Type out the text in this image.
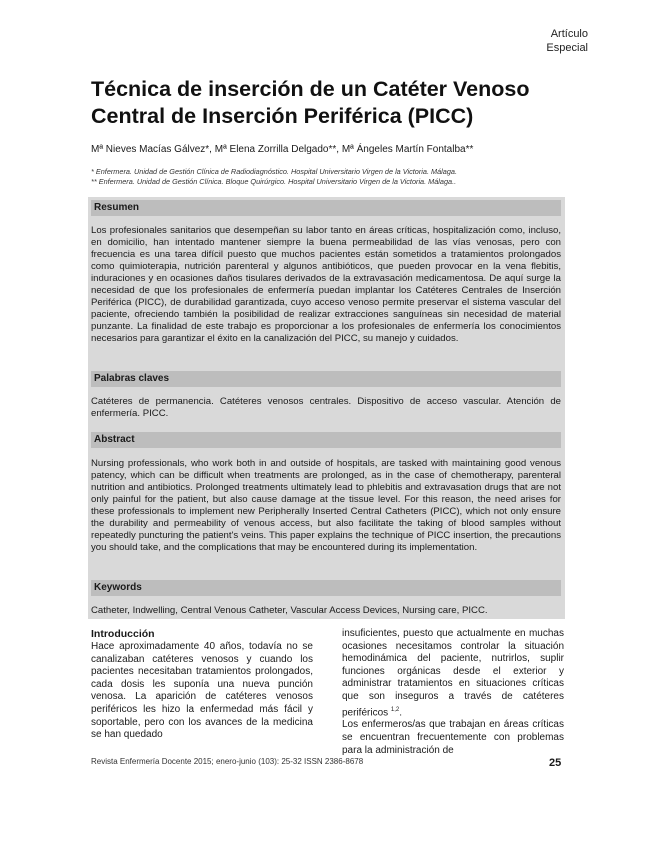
Artículo
Especial
Técnica de inserción de un Catéter Venoso Central de Inserción Periférica (PICC)

Mª Nieves Macías Gálvez*, Mª Elena Zorrilla Delgado**, Mª Ángeles Martín Fontalba**

* Enfermera. Unidad de Gestión Clínica de Radiodiagnóstico. Hospital Universitario Virgen de la Victoria. Málaga.

** Enfermera. Unidad de Gestión Clínica. Bloque Quirúrgico. Hospital Universitario Virgen de la Victoria. Málaga..

Resumen

Los profesionales sanitarios que desempeñan su labor tanto en áreas críticas, hospitalización como, incluso, en domicilio, han intentado mantener siempre la buena permeabilidad de las vías venosas, pero con frecuencia es una tarea difícil puesto que muchos pacientes están sometidos a tratamientos prolongados como quimioterapia, nutrición parenteral y algunos antibióticos, que pueden provocar en la vena flebitis, induraciones y en ocasiones daños tisulares derivados de la extravasación medicamentosa. De aquí surge la necesidad de que los profesionales de enfermería puedan implantar los Catéteres Centrales de Inserción Periférica (PICC), de durabilidad garantizada, cuyo acceso venoso permite preservar el sistema vascular del paciente, ofreciendo también la posibilidad de realizar extracciones sanguíneas sin necesidad de material punzante. La finalidad de este trabajo es proporcionar a los profesionales de enfermería los conocimientos necesarios para garantizar el éxito en la canalización del PICC, su manejo y cuidados.

Palabras claves

Catéteres de permanencia. Catéteres venosos centrales. Dispositivo de acceso vascular. Atención de enfermería. PICC.

Abstract

Nursing professionals, who work both in and outside of hospitals, are tasked with maintaining good venous patency, which can be difficult when treatments are prolonged, as in the case of chemotherapy, parenteral nutrition and antibiotics. Prolonged treatments ultimately lead to phlebitis and extravasation drugs that are not only painful for the patient, but also cause damage at the tissue level. For this reason, the need arises for these professionals to implement new Peripherally Inserted Central Catheters (PICC), which not only ensure the durability and permeability of venous access, but also facilitate the taking of blood samples without repeatedly puncturing the patient's veins. This paper explains the technique of PICC insertion, the precautions you should take, and the complications that may be encountered during its implementation.

Keywords

Catheter, Indwelling, Central Venous Catheter, Vascular Access Devices, Nursing care, PICC.

Introducción

Hace aproximadamente 40 años, todavía no se canalizaban catéteres venosos y cuando los pacientes necesitaban tratamientos prolongados, cada dosis les suponía una nueva punción venosa. La aparición de catéteres venosos periféricos les hizo la enfermedad más fácil y soportable, pero con los avances de la medicina se han quedado

insuficientes, puesto que actualmente en muchas ocasiones necesitamos controlar la situación hemodinámica del paciente, nutrirlos, suplir funciones orgánicas desde el exterior y administrar tratamientos en situaciones críticas que son inseguros a través de catéteres periféricos $^{1,2}$.

Los enfermeros/as que trabajan en áreas críticas se encuentran frecuentemente con problemas para la administración de

Revista Enfermería Docente 2015; enero-junio (103): 25-32 ISSN 2386-8678	25
